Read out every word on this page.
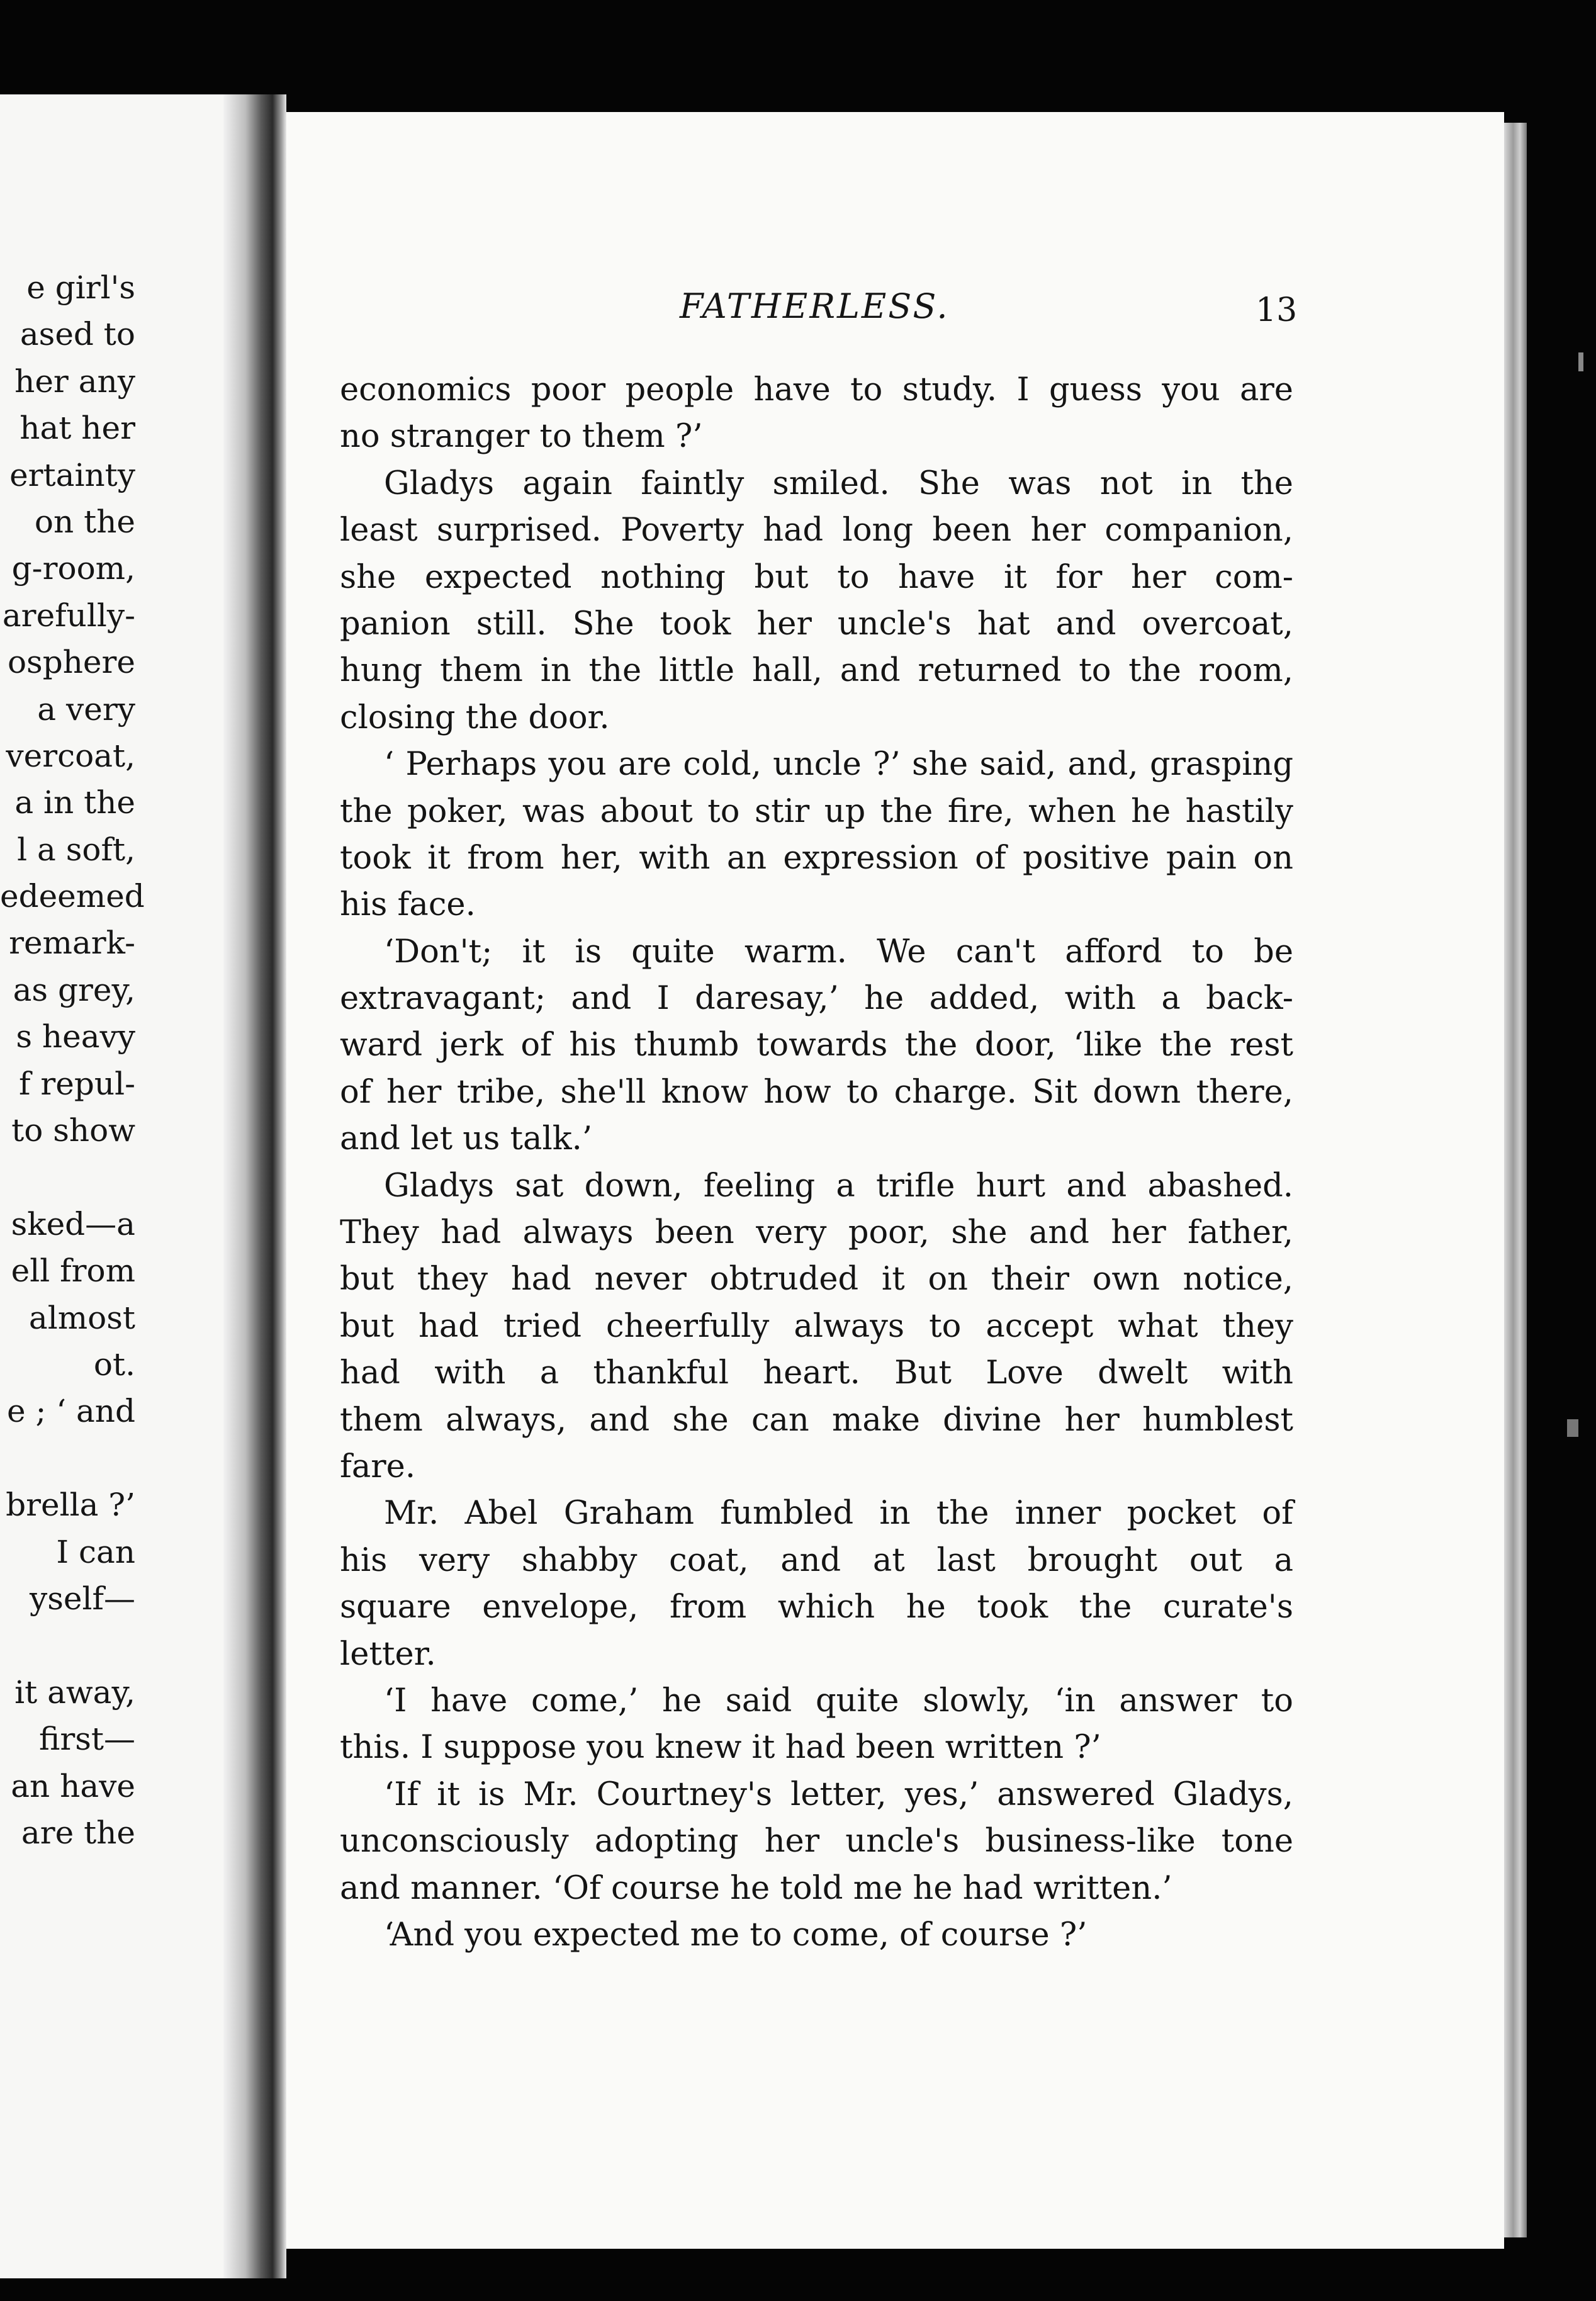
e girl's
ased to
her any
hat her
ertainty
on the
g-room,
arefully-
osphere
a very
vercoat,
a in the
l a soft,
edeemed
remark-
as grey,
s heavy
f repul-
to show
sked—a
ell from
almost
ot.
e ; ‘ and
brella ?’
I can
yself—
it away,
first—
an have
are the
FATHERLESS.	13
economics poor people have to study. I guess you are
no stranger to them ?’
Gladys again faintly smiled. She was not in the
least surprised. Poverty had long been her companion,
she expected nothing but to have it for her com-
panion still. She took her uncle's hat and overcoat,
hung them in the little hall, and returned to the room,
closing the door.
‘ Perhaps you are cold, uncle ?’ she said, and, grasping
the poker, was about to stir up the fire, when he hastily
took it from her, with an expression of positive pain on
his face.
‘Don't; it is quite warm. We can't afford to be
extravagant; and I daresay,’ he added, with a back-
ward jerk of his thumb towards the door, ‘like the rest
of her tribe, she'll know how to charge. Sit down there,
and let us talk.’
Gladys sat down, feeling a trifle hurt and abashed.
They had always been very poor, she and her father,
but they had never obtruded it on their own notice,
but had tried cheerfully always to accept what they
had with a thankful heart. But Love dwelt with
them always, and she can make divine her humblest
fare.
Mr. Abel Graham fumbled in the inner pocket of
his very shabby coat, and at last brought out a
square envelope, from which he took the curate's
letter.
‘I have come,’ he said quite slowly, ‘in answer to
this. I suppose you knew it had been written ?’
‘If it is Mr. Courtney's letter, yes,’ answered Gladys,
unconsciously adopting her uncle's business-like tone
and manner. ‘Of course he told me he had written.’
‘And you expected me to come, of course ?’
